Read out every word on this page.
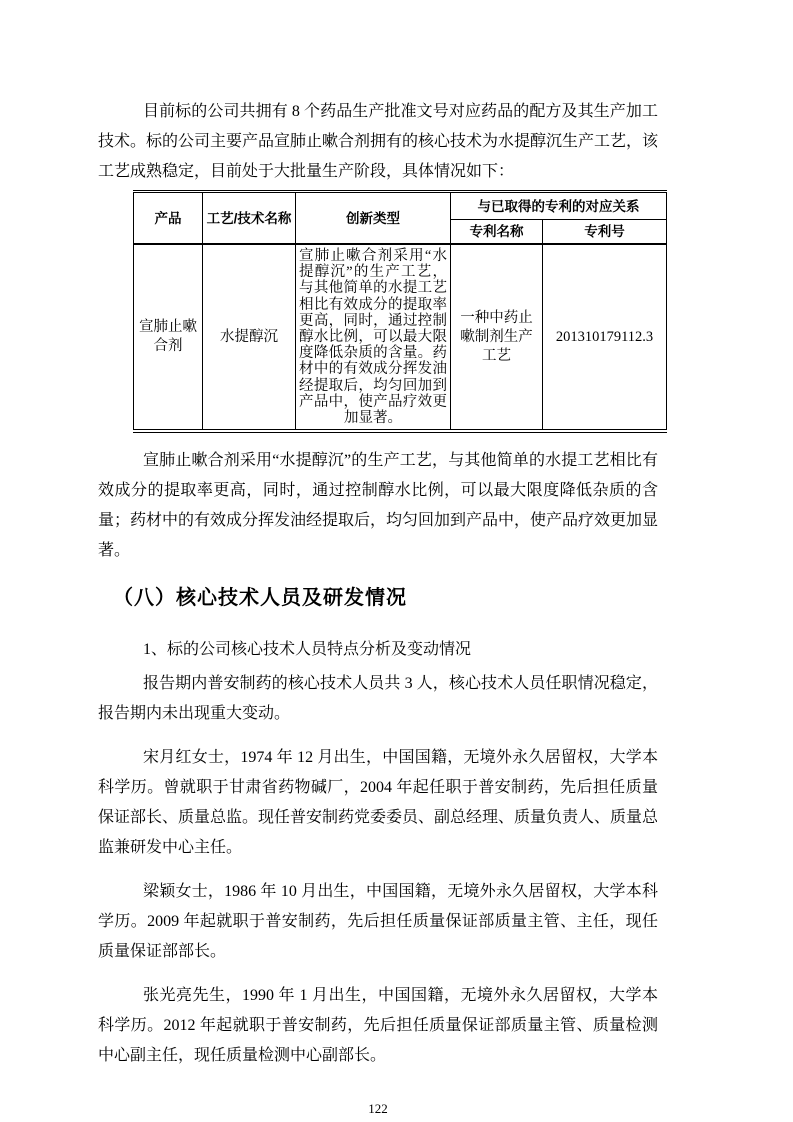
目前标的公司共拥有 8 个药品生产批准文号对应药品的配方及其生产加工技术。标的公司主要产品宣肺止嗽合剂拥有的核心技术为水提醇沉生产工艺，该工艺成熟稳定，目前处于大批量生产阶段，具体情况如下：

产品	工艺/技术名称	创新类型	与已取得的专利的对应关系	
			专利名称	专利号
宣肺止嗽合剂	水提醇沉	宣肺止嗽合剂采用“水提醇沉”的生产工艺，与其他简单的水提工艺相比有效成分的提取率更高，同时，通过控制醇水比例，可以最大限度降低杂质的含量。药材中的有效成分挥发油经提取后，均匀回加到产品中，使产品疗效更加显著。	一种中药止嗽制剂生产工艺	201310179112.3

宣肺止嗽合剂采用“水提醇沉”的生产工艺，与其他简单的水提工艺相比有效成分的提取率更高，同时，通过控制醇水比例，可以最大限度降低杂质的含量；药材中的有效成分挥发油经提取后，均匀回加到产品中，使产品疗效更加显著。

（八）核心技术人员及研发情况

1、标的公司核心技术人员特点分析及变动情况

报告期内普安制药的核心技术人员共 3 人，核心技术人员任职情况稳定，报告期内未出现重大变动。

宋月红女士，1974 年 12 月出生，中国国籍，无境外永久居留权，大学本科学历。曾就职于甘肃省药物碱厂，2004 年起任职于普安制药，先后担任质量保证部长、质量总监。现任普安制药党委委员、副总经理、质量负责人、质量总监兼研发中心主任。

梁颖女士，1986 年 10 月出生，中国国籍，无境外永久居留权，大学本科学历。2009 年起就职于普安制药，先后担任质量保证部质量主管、主任，现任质量保证部部长。

张光亮先生，1990 年 1 月出生，中国国籍，无境外永久居留权，大学本科学历。2012 年起就职于普安制药，先后担任质量保证部质量主管、质量检测中心副主任，现任质量检测中心副部长。

122
